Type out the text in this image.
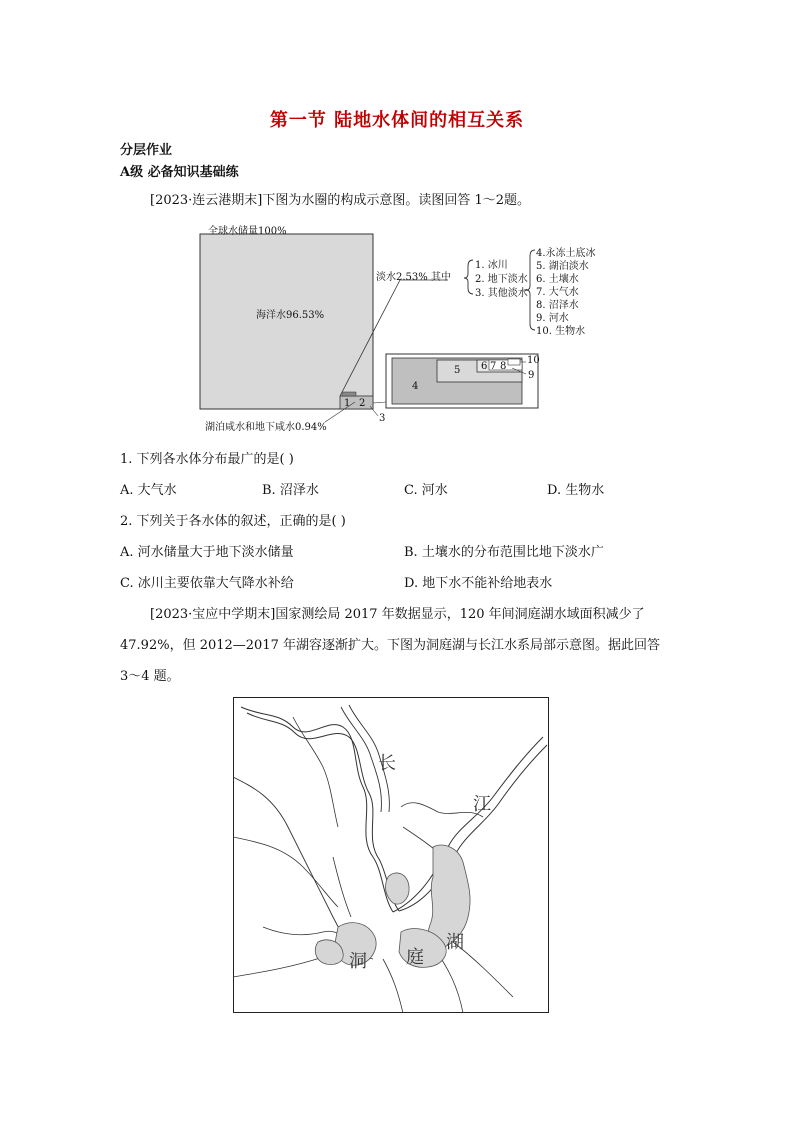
第一节 陆地水体间的相互关系
分层作业
A级 必备知识基础练
[2023·连云港期末]下图为水圈的构成示意图。读图回答 1～2题。
全球水储量100%
海洋水96.53%
淡水2.53% 其中
湖泊咸水和地下咸水0.94%
1. 冰川
2. 地下淡水
3. 其他淡水
4.永冻土底冰
5. 湖泊淡水
6. 土壤水
7. 大气水
8. 沼泽水
9. 河水
10. 生物水
4
5 6 7 8
9
10
1 2
3
1. 下列各水体分布最广的是( )
A. 大气水	B. 沼泽水	C. 河水	D. 生物水
2. 下列关于各水体的叙述，正确的是( )
A. 河水储量大于地下淡水储量	B. 土壤水的分布范围比地下淡水广
C. 冰川主要依靠大气降水补给	D. 地下水不能补给地表水
[2023·宝应中学期末]国家测绘局 2017 年数据显示，120 年间洞庭湖水域面积减少了
47.92%，但 2012—2017 年湖容逐渐扩大。下图为洞庭湖与长江水系局部示意图。据此回答
3～4 题。
长
江
湖
洞 庭
